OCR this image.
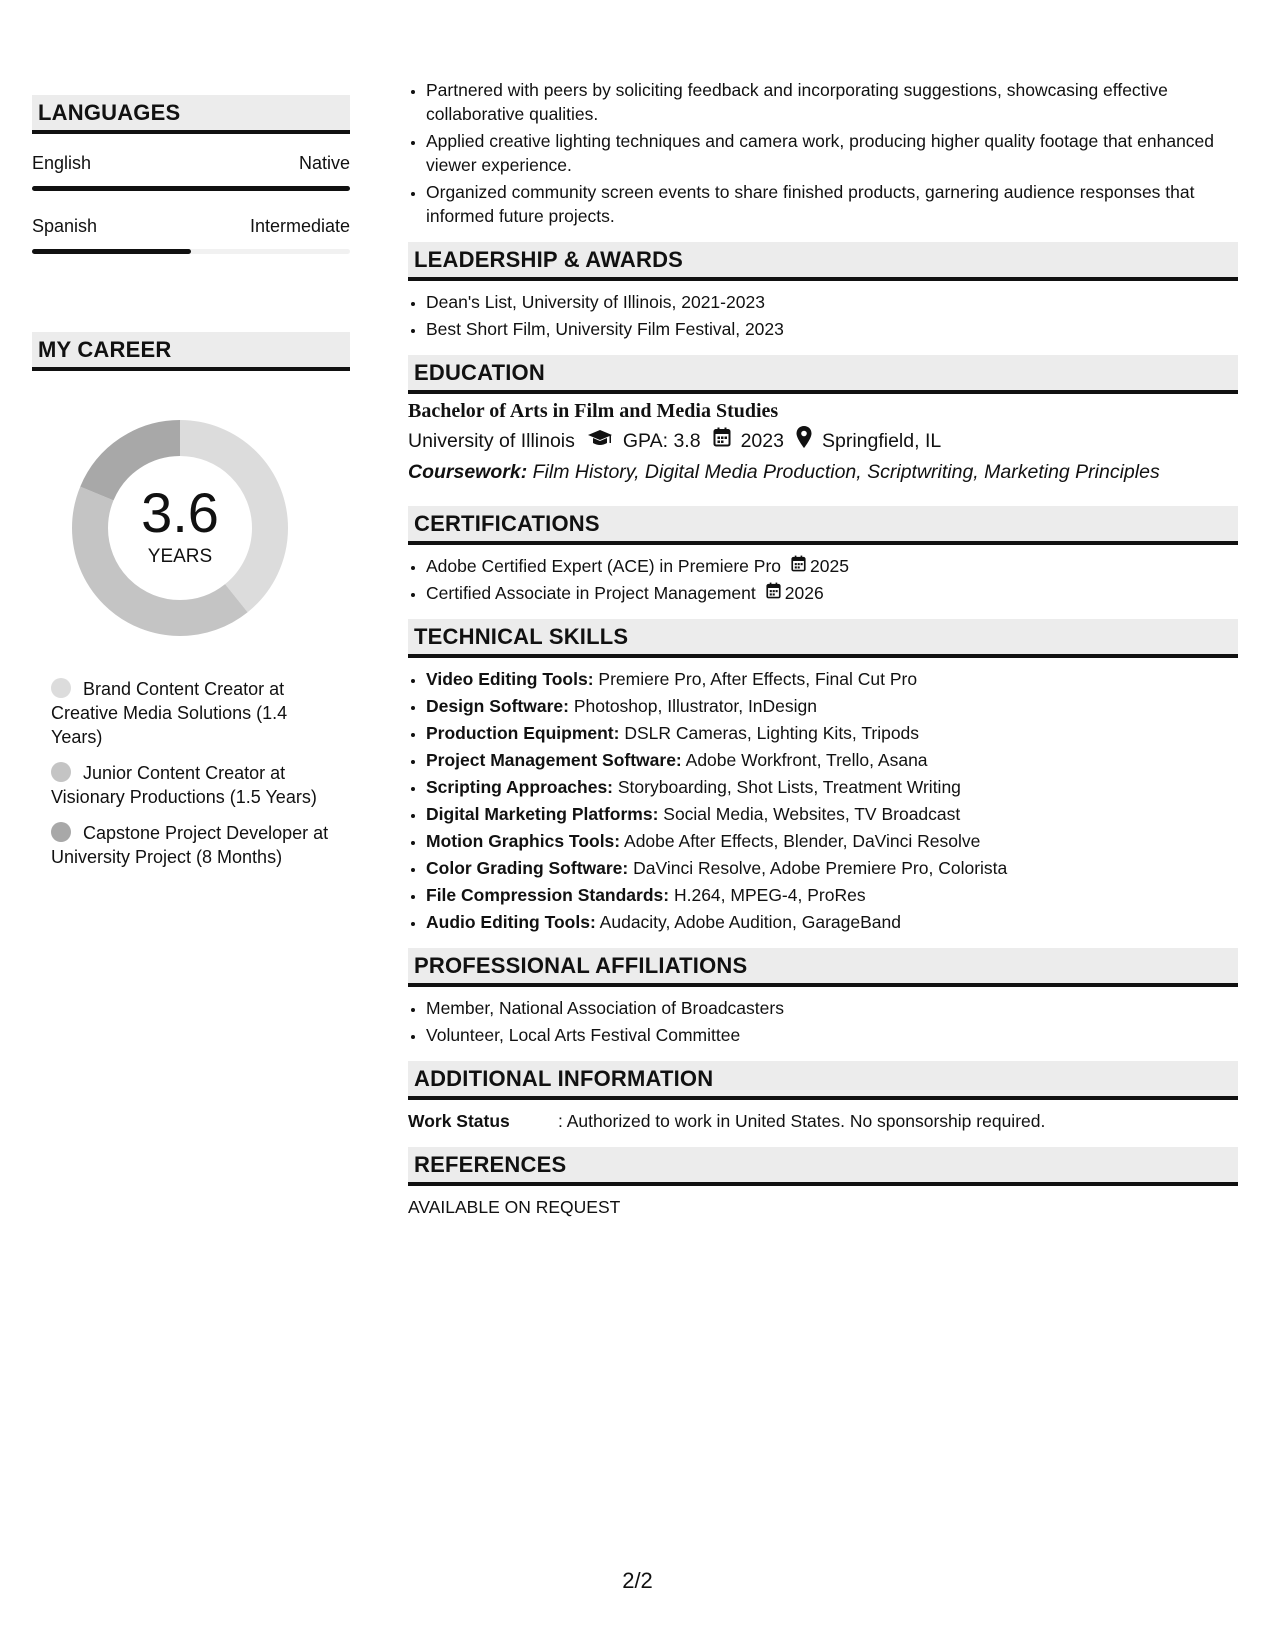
LANGUAGES
English	Native
Spanish	Intermediate
MY CAREER
3.6
YEARS
Brand Content Creator at Creative Media Solutions (1.4 Years)
Junior Content Creator at Visionary Productions (1.5 Years)
Capstone Project Developer at University Project (8 Months)
• Partnered with peers by soliciting feedback and incorporating suggestions, showcasing effective collaborative qualities.
• Applied creative lighting techniques and camera work, producing higher quality footage that enhanced viewer experience.
• Organized community screen events to share finished products, garnering audience responses that informed future projects.
LEADERSHIP & AWARDS
• Dean's List, University of Illinois, 2021-2023
• Best Short Film, University Film Festival, 2023
EDUCATION
Bachelor of Arts in Film and Media Studies
University of Illinois GPA: 3.8 2023 Springfield, IL
Coursework: Film History, Digital Media Production, Scriptwriting, Marketing Principles
CERTIFICATIONS
• Adobe Certified Expert (ACE) in Premiere Pro 2025
• Certified Associate in Project Management 2026
TECHNICAL SKILLS
• Video Editing Tools: Premiere Pro, After Effects, Final Cut Pro
• Design Software: Photoshop, Illustrator, InDesign
• Production Equipment: DSLR Cameras, Lighting Kits, Tripods
• Project Management Software: Adobe Workfront, Trello, Asana
• Scripting Approaches: Storyboarding, Shot Lists, Treatment Writing
• Digital Marketing Platforms: Social Media, Websites, TV Broadcast
• Motion Graphics Tools: Adobe After Effects, Blender, DaVinci Resolve
• Color Grading Software: DaVinci Resolve, Adobe Premiere Pro, Colorista
• File Compression Standards: H.264, MPEG-4, ProRes
• Audio Editing Tools: Audacity, Adobe Audition, GarageBand
PROFESSIONAL AFFILIATIONS
• Member, National Association of Broadcasters
• Volunteer, Local Arts Festival Committee
ADDITIONAL INFORMATION
Work Status	: Authorized to work in United States. No sponsorship required.
REFERENCES
AVAILABLE ON REQUEST
2/2
